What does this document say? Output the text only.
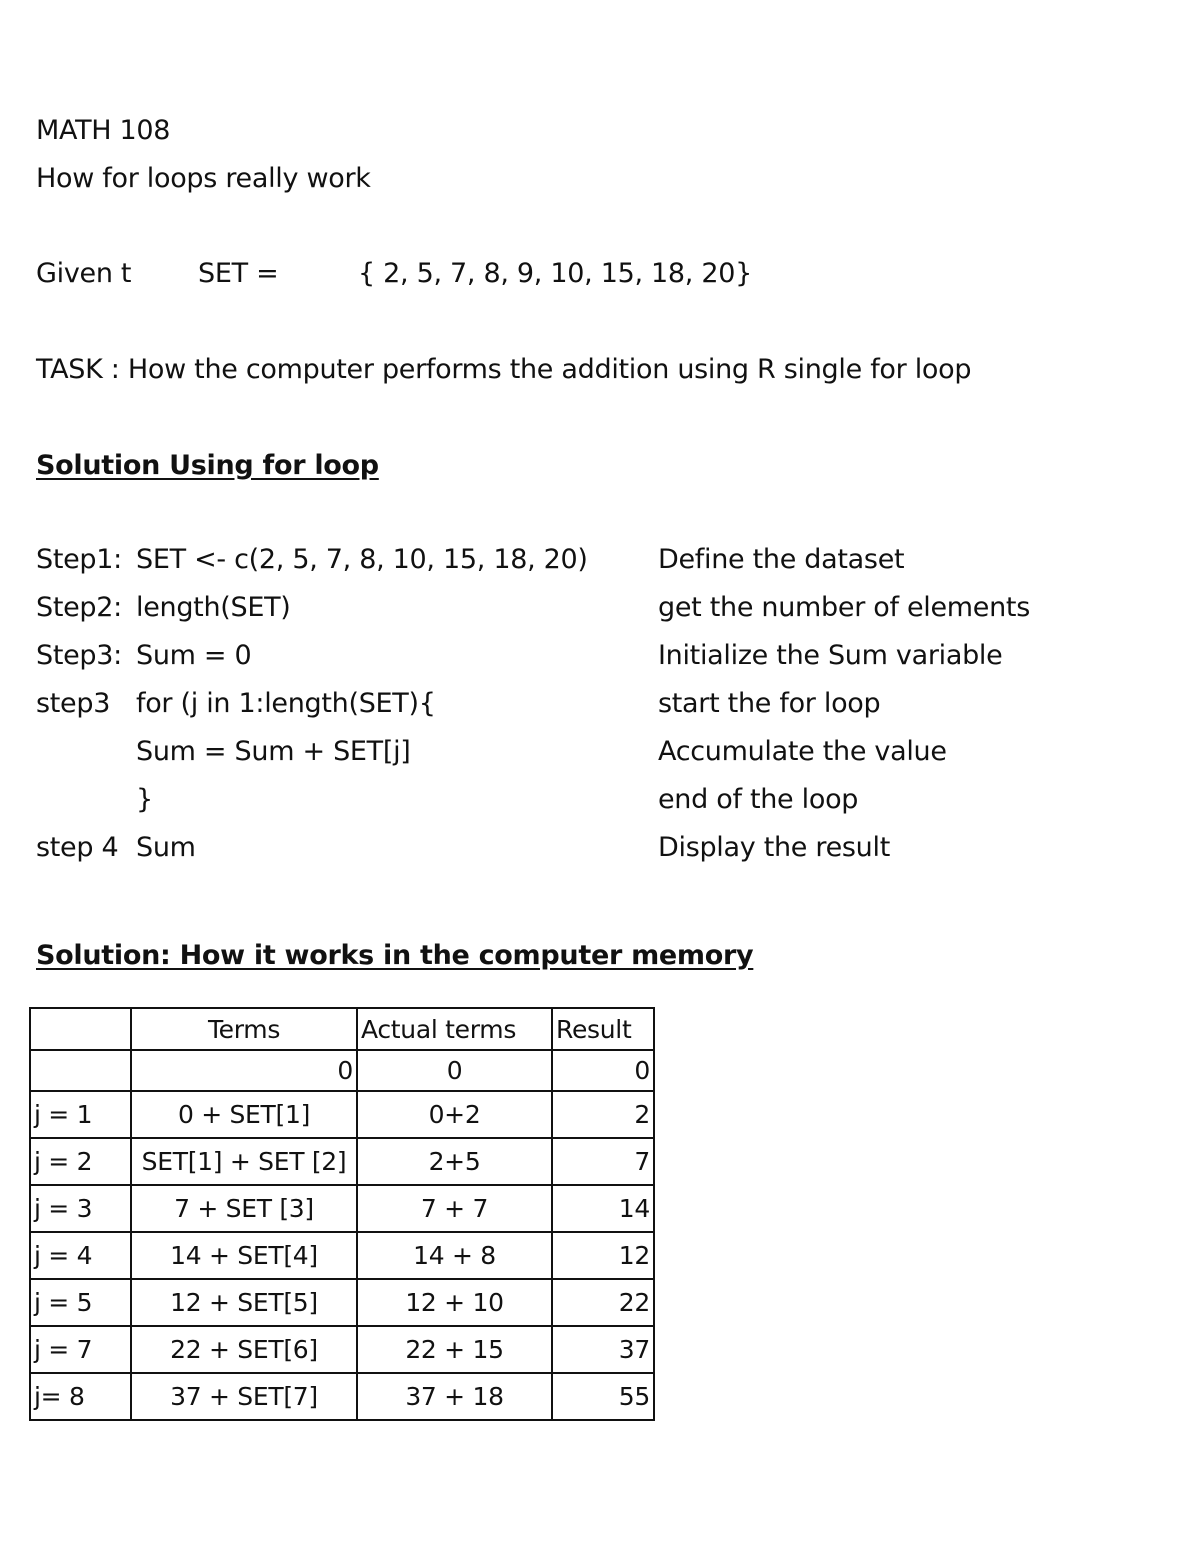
MATH 108
How for loops really work
Given t SET =	{ 2, 5, 7, 8, 9, 10, 15, 18, 20}
TASK : How the computer performs the addition using R single for loop
Solution Using for loop
Step1: SET <- c(2, 5, 7, 8, 10, 15, 18, 20)	Define the dataset
Step2: length(SET)	get the number of elements
Step3: Sum = 0	Initialize the Sum variable
step3 for (j in 1:length(SET){	start the for loop
Sum = Sum + SET[j]	Accumulate the value
}	end of the loop
step 4 Sum	Display the result
Solution: How it works in the computer memory
	Terms	Actual terms	Result
	0	0	0
j = 1	0 + SET[1]	0+2	2
j = 2	SET[1] + SET [2]	2+5	7
j = 3	7 + SET [3]	7 + 7	14
j = 4	14 + SET[4]	14 + 8	12
j = 5	12 + SET[5]	12 + 10	22
j = 7	22 + SET[6]	22 + 15	37
j= 8	37 + SET[7]	37 + 18	55
